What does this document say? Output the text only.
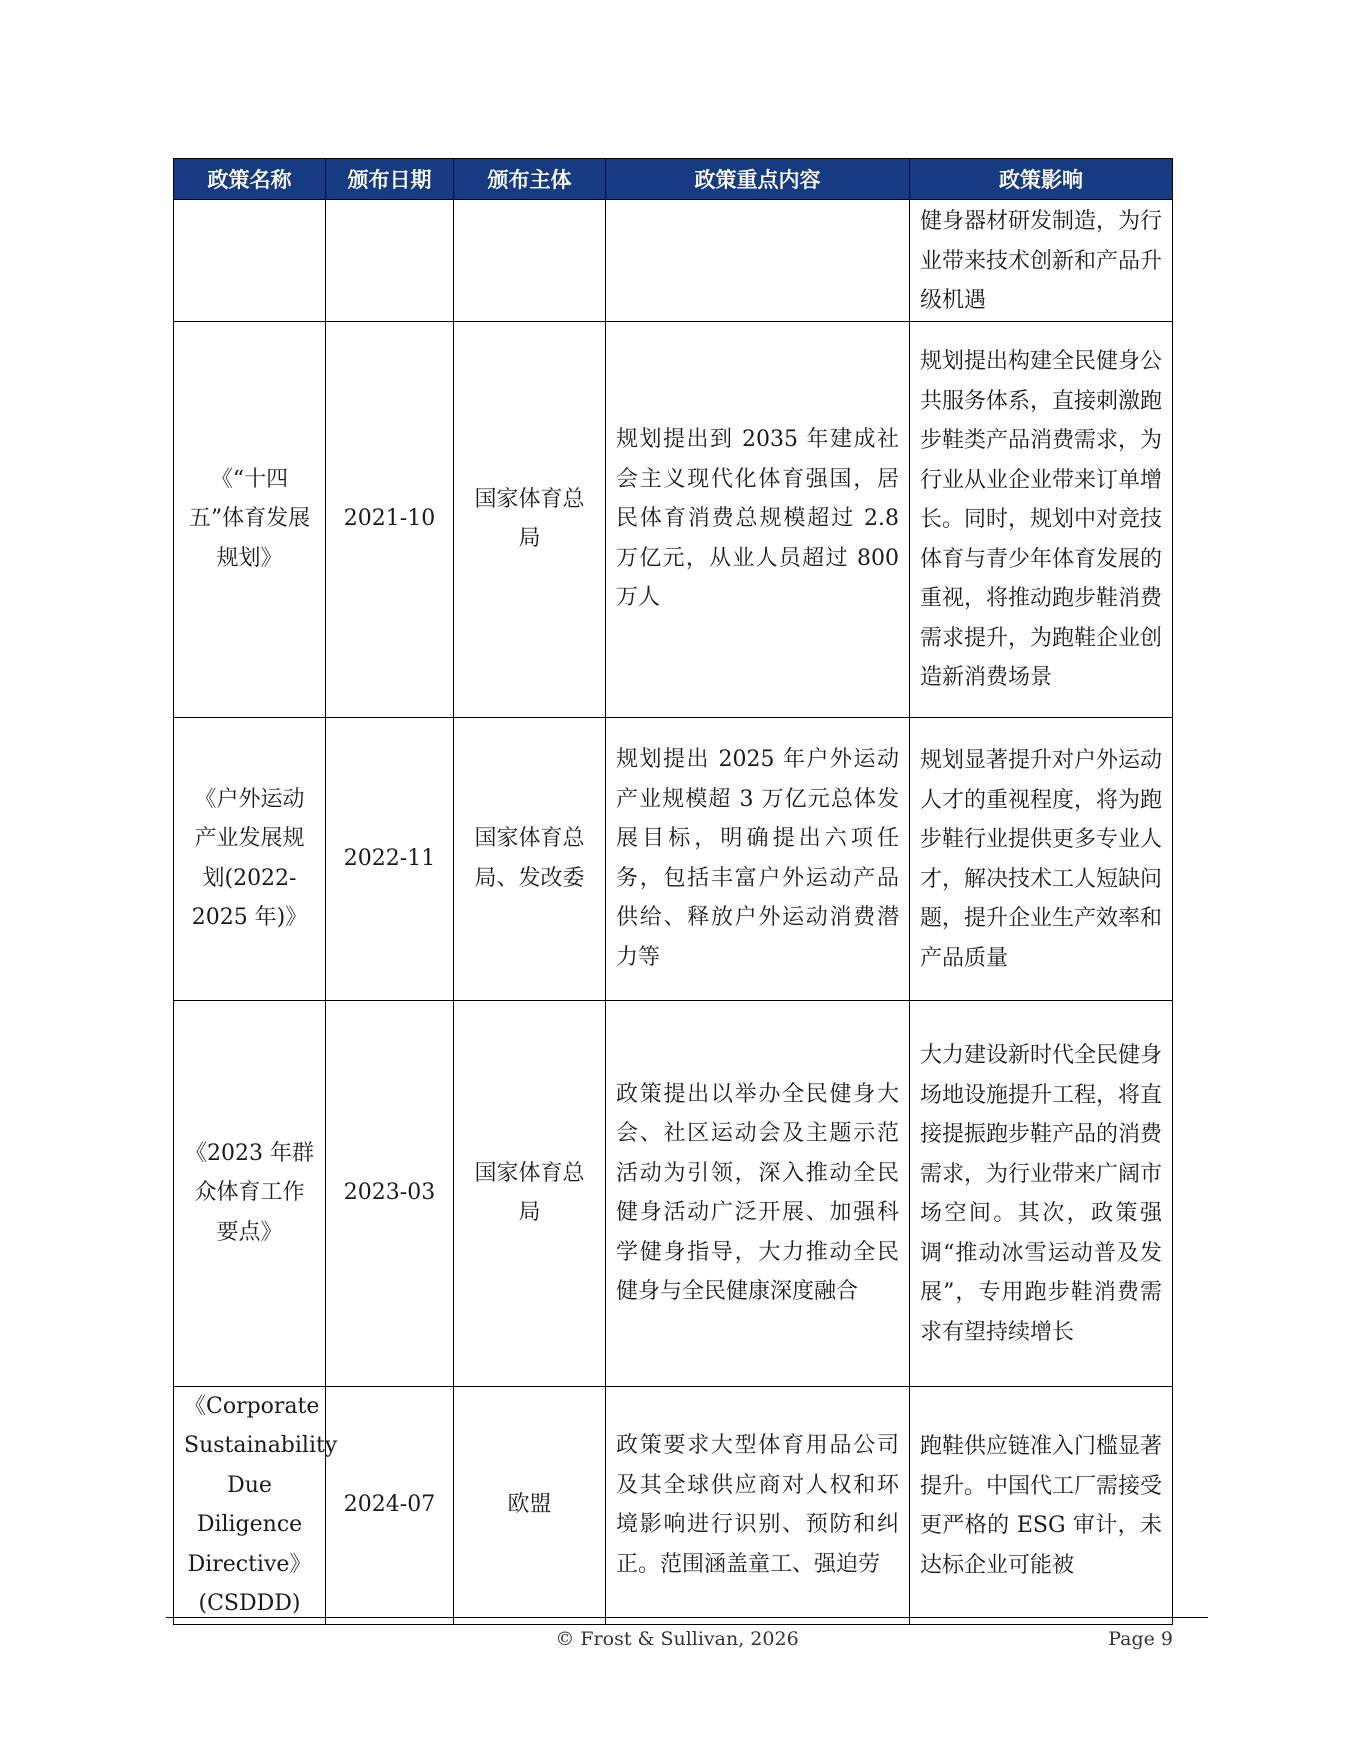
政策名称	颁布日期	颁布主体	政策重点内容	政策影响
				健身器材研发制造，为行业带来技术创新和产品升级机遇
《“十四五”体育发展规划》	2021-10	国家体育总局	规划提出到 2035 年建成社会主义现代化体育强国，居民体育消费总规模超过 2.8 万亿元，从业人员超过 800 万人	规划提出构建全民健身公共服务体系，直接刺激跑步鞋类产品消费需求，为行业从业企业带来订单增长。同时，规划中对竞技体育与青少年体育发展的重视，将推动跑步鞋消费需求提升，为跑鞋企业创造新消费场景
《户外运动产业发展规划(2022-2025 年)》	2022-11	国家体育总局、发改委	规划提出 2025 年户外运动产业规模超 3 万亿元总体发展目标，明确提出六项任务，包括丰富户外运动产品供给、释放户外运动消费潜力等	规划显著提升对户外运动人才的重视程度，将为跑步鞋行业提供更多专业人才，解决技术工人短缺问题，提升企业生产效率和产品质量
《2023 年群众体育工作要点》	2023-03	国家体育总局	政策提出以举办全民健身大会、社区运动会及主题示范活动为引领，深入推动全民健身活动广泛开展、加强科学健身指导，大力推动全民健身与全民健康深度融合	大力建设新时代全民健身场地设施提升工程，将直接提振跑步鞋产品的消费需求，为行业带来广阔市场空间。其次，政策强调“推动冰雪运动普及发展”，专用跑步鞋消费需求有望持续增长
《Corporate Sustainability Due Diligence Directive》(CSDDD)	2024-07	欧盟	政策要求大型体育用品公司及其全球供应商对人权和环境影响进行识别、预防和纠正。范围涵盖童工、强迫劳	跑鞋供应链准入门槛显著提升。中国代工厂需接受更严格的 ESG 审计，未达标企业可能被
© Frost & Sullivan, 2026	Page 9
